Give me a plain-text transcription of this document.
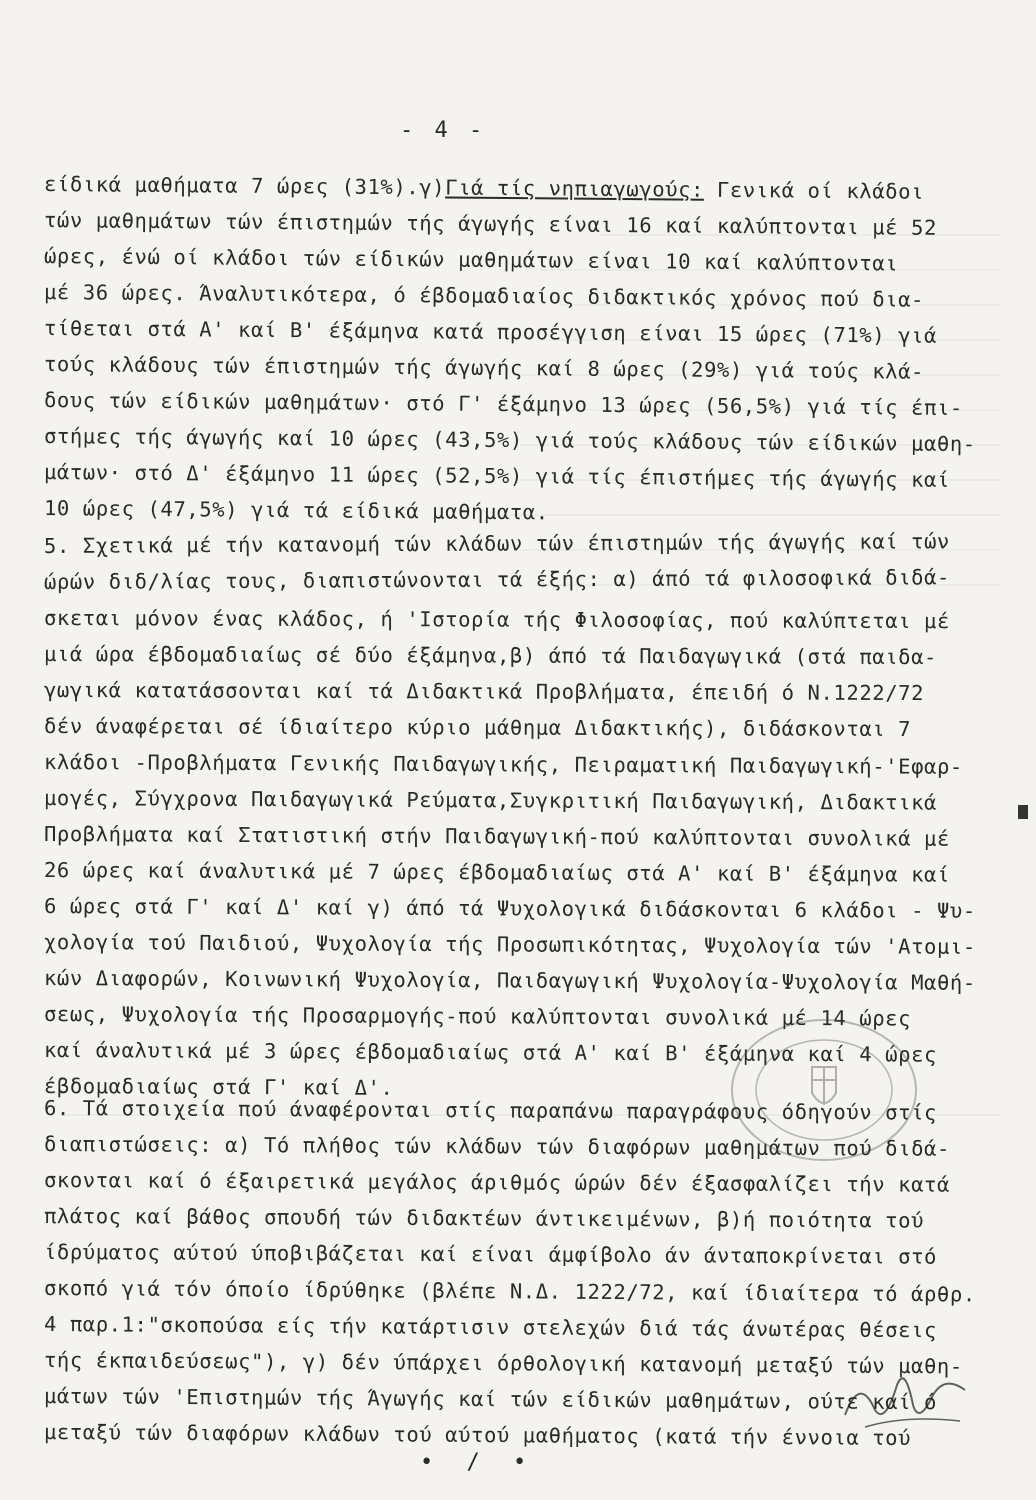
- 4 -
είδικά μαθήματα 7 ώρες (31%).γ)Γιά τίς νηπιαγωγούς: Γενικά οί κλάδοι
τών μαθημάτων τών έπιστημών τής άγωγής είναι 16 καί καλύπτονται μέ 52
ώρες, ένώ οί κλάδοι τών είδικών μαθημάτων είναι 10 καί καλύπτονται
μέ 36 ώρες. Άναλυτικότερα, ό έβδομαδιαίος διδακτικός χρόνος πού δια-
τίθεται στά Α' καί Β' έξάμηνα κατά προσέγγιση είναι 15 ώρες (71%) γιά
τούς κλάδους τών έπιστημών τής άγωγής καί 8 ώρες (29%) γιά τούς κλά-
δους τών είδικών μαθημάτων· στό Γ' έξάμηνο 13 ώρες (56,5%) γιά τίς έπι-
στήμες τής άγωγής καί 10 ώρες (43,5%) γιά τούς κλάδους τών είδικών μαθη-
μάτων· στό Δ' έξάμηνο 11 ώρες (52,5%) γιά τίς έπιστήμες τής άγωγής καί
10 ώρες (47,5%) γιά τά είδικά μαθήματα.
5. Σχετικά μέ τήν κατανομή τών κλάδων τών έπιστημών τής άγωγής καί τών
ώρών διδ/λίας τους, διαπιστώνονται τά έξής: α) άπό τά φιλοσοφικά διδά-
σκεται μόνον ένας κλάδος, ή 'Ιστορία τής Φιλοσοφίας, πού καλύπτεται μέ
μιά ώρα έβδομαδιαίως σέ δύο έξάμηνα,β) άπό τά Παιδαγωγικά (στά παιδα-
γωγικά κατατάσσονται καί τά Διδακτικά Προβλήματα, έπειδή ό Ν.1222/72
δέν άναφέρεται σέ ίδιαίτερο κύριο μάθημα Διδακτικής), διδάσκονται 7
κλάδοι -Προβλήματα Γενικής Παιδαγωγικής, Πειραματική Παιδαγωγική-'Εφαρ-
μογές, Σύγχρονα Παιδαγωγικά Ρεύματα,Συγκριτική Παιδαγωγική, Διδακτικά
Προβλήματα καί Στατιστική στήν Παιδαγωγική-πού καλύπτονται συνολικά μέ
26 ώρες καί άναλυτικά μέ 7 ώρες έβδομαδιαίως στά Α' καί Β' έξάμηνα καί
6 ώρες στά Γ' καί Δ' καί γ) άπό τά Ψυχολογικά διδάσκονται 6 κλάδοι - Ψυ-
χολογία τού Παιδιού, Ψυχολογία τής Προσωπικότητας, Ψυχολογία τών 'Ατομι-
κών Διαφορών, Κοινωνική Ψυχολογία, Παιδαγωγική Ψυχολογία-Ψυχολογία Μαθή-
σεως, Ψυχολογία τής Προσαρμογής-πού καλύπτονται συνολικά μέ 14 ώρες
καί άναλυτικά μέ 3 ώρες έβδομαδιαίως στά Α' καί Β' έξάμηνα καί 4 ώρες
έβδομαδιαίως στά Γ' καί Δ'.
6. Τά στοιχεία πού άναφέρονται στίς παραπάνω παραγράφους όδηγούν στίς
διαπιστώσεις: α) Τό πλήθος τών κλάδων τών διαφόρων μαθημάτων πού διδά-
σκονται καί ό έξαιρετικά μεγάλος άριθμός ώρών δέν έξασφαλίζει τήν κατά
πλάτος καί βάθος σπουδή τών διδακτέων άντικειμένων, β)ή ποιότητα τού
ίδρύματος αύτού ύποβιβάζεται καί είναι άμφίβολο άν άνταποκρίνεται στό
σκοπό γιά τόν όποίο ίδρύθηκε (βλέπε Ν.Δ. 1222/72, καί ίδιαίτερα τό άρθρ.
4 παρ.1:"σκοπούσα είς τήν κατάρτισιν στελεχών διά τάς άνωτέρας θέσεις
τής έκπαιδεύσεως"), γ) δέν ύπάρχει όρθολογική κατανομή μεταξύ τών μαθη-
μάτων τών 'Επιστημών τής Άγωγής καί τών είδικών μαθημάτων, ούτε καί ό
μεταξύ τών διαφόρων κλάδων τού αύτού μαθήματος (κατά τήν έννοια τού
• / •
